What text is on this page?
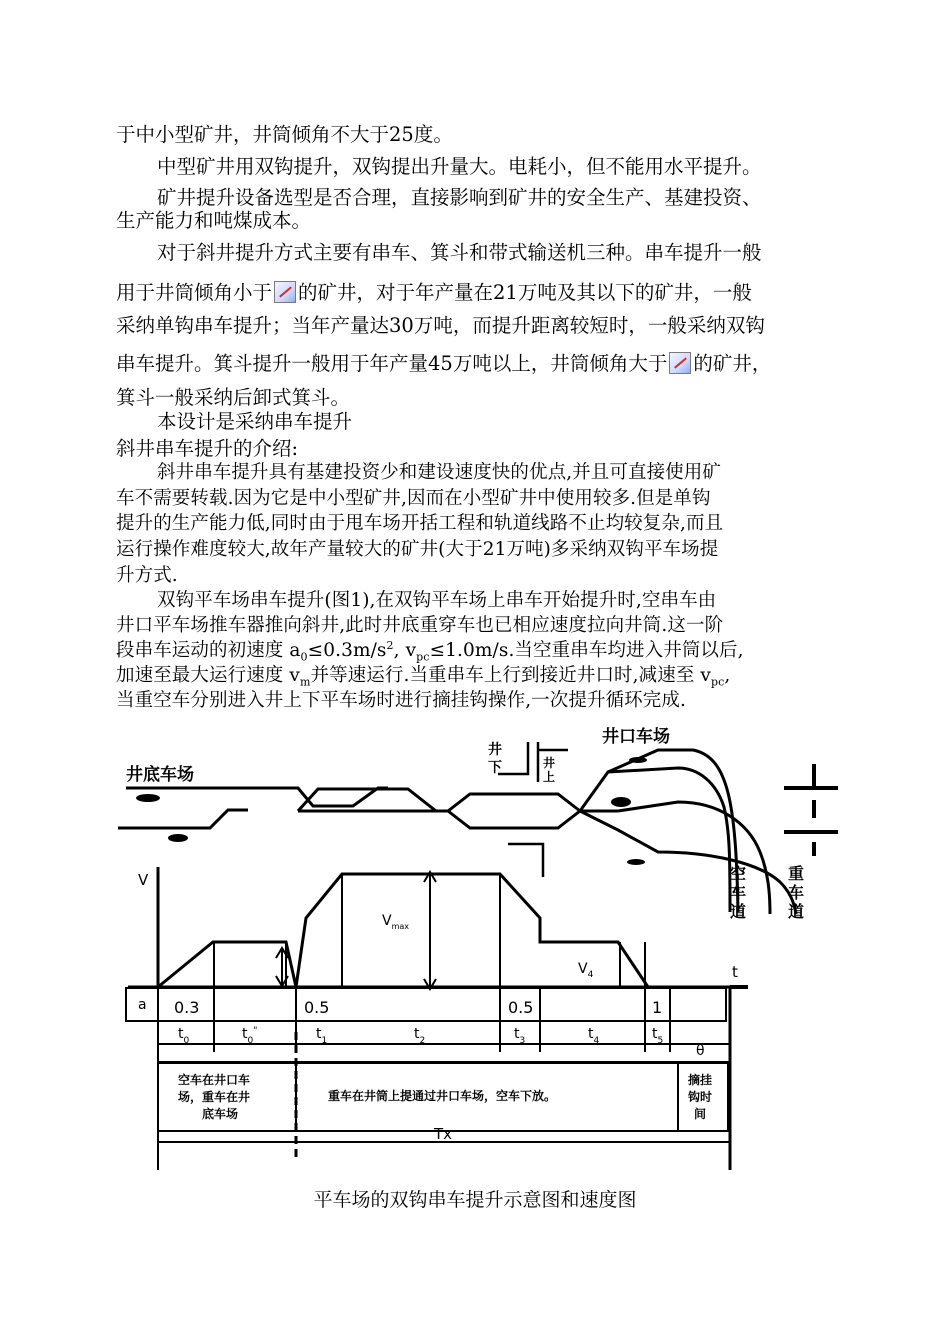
于中小型矿井，井筒倾角不大于25度。
中型矿井用双钩提升，双钩提出升量大。电耗小，但不能用水平提升。
矿井提升设备选型是否合理，直接影响到矿井的安全生产、基建投资、
生产能力和吨煤成本。
对于斜井提升方式主要有串车、箕斗和带式输送机三种。串车提升一般
用于井筒倾角小于 的矿井，对于年产量在21万吨及其以下的矿井，一般
采纳单钩串车提升；当年产量达30万吨，而提升距离较短时，一般采纳双钩
串车提升。箕斗提升一般用于年产量45万吨以上，井筒倾角大于 的矿井，
箕斗一般采纳后卸式箕斗。
本设计是采纳串车提升
斜井串车提升的介绍:
斜井串车提升具有基建投资少和建设速度快的优点,并且可直接使用矿
车不需要转载.因为它是中小型矿井,因而在小型矿井中使用较多.但是单钩
提升的生产能力低,同时由于甩车场开括工程和轨道线路不止均较复杂,而且
运行操作难度较大,故年产量较大的矿井(大于21万吨)多采纳双钩平车场提
升方式.
双钩平车场串车提升(图1),在双钩平车场上串车开始提升时,空串车由
井口平车场推车器推向斜井,此时井底重穿车也已相应速度拉向井筒.这一阶
段串车运动的初速度 $a_0\le 0.3m/s^2$, $v_{pc}\le 1.0m/s$.当空重串车均进入井筒以后,
加速至最大运行速度 $v_m$并等速运行.当重串车上行到接近井口时,减速至 $v_{pc}$,
当重空车分别进入井上下平车场时进行摘挂钩操作,一次提升循环完成.
井底车场
井口车场
井下	井上
空车道
重车道
V
t
$V_{max}$
$V_4$
a 0.3	0.5	0.5	1
$t_0$	$t_0^"$	$t_1$	$t_2$	$t_3$	$t_4$	$t_5$
θ
空车在井口车场，重车在井底车场
重车在井筒上提通过井口车场，空车下放。
摘挂钩时间
Tx
平车场的双钩串车提升示意图和速度图
